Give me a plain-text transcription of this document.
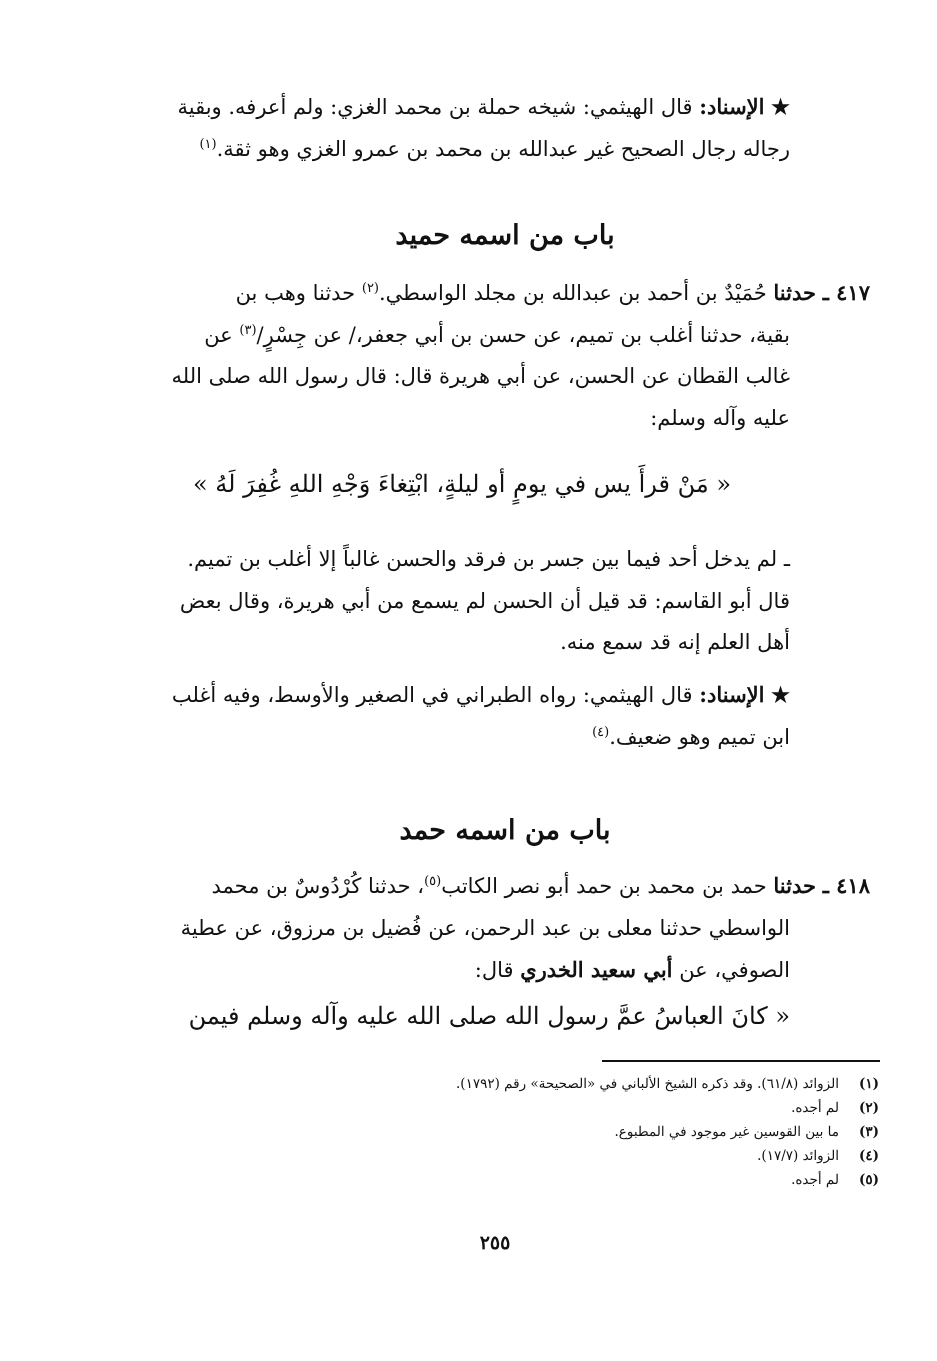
★ الإسناد: قال الهيثمي: شيخه حملة بن محمد الغزي: ولم أعرفه. وبقية
رجاله رجال الصحيح غير عبدالله بن محمد بن عمرو الغزي وهو ثقة.$^{(١)}$
باب من اسمه حميد
٤١٧ ـ حدثنا حُمَيْدٌ بن أحمد بن عبدالله بن مجلد الواسطي.$^{(٢)}$ حدثنا وهب بن
بقية، حدثنا أغلب بن تميم، عن حسن بن أبي جعفر،/ عن جِسْرٍ/$^{(٣)}$ عن
غالب القطان عن الحسن، عن أبي هريرة قال: قال رسول الله صلى الله
عليه وآله وسلم:
« مَنْ قرأَ يس في يومٍ أو ليلةٍ، ابْتِغاءَ وَجْهِ اللهِ غُفِرَ لَهُ »
ـ لم يدخل أحد فيما بين جسر بن فرقد والحسن غالباً إلا أغلب بن تميم.
قال أبو القاسم: قد قيل أن الحسن لم يسمع من أبي هريرة، وقال بعض
أهل العلم إنه قد سمع منه.
★ الإسناد: قال الهيثمي: رواه الطبراني في الصغير والأوسط، وفيه أغلب
ابن تميم وهو ضعيف.$^{(٤)}$
باب من اسمه حمد
٤١٨ ـ حدثنا حمد بن محمد بن حمد أبو نصر الكاتب$^{(٥)}$، حدثنا كُرْدُوسٌ بن محمد
الواسطي حدثنا معلى بن عبد الرحمن، عن فُضيل بن مرزوق، عن عطية
الصوفي، عن أبي سعيد الخدري قال:
« كانَ العباسُ عمَّ رسول الله صلى الله عليه وآله وسلم فيمن
(١)الزوائد (٦١/٨). وقد ذكره الشيخ الألباني في «الصحيحة» رقم (١٧٩٢).
(٢)لم أجده.
(٣)ما بين القوسين غير موجود في المطبوع.
(٤)الزوائد (١٧/٧).
(٥)لم أجده.
٢٥٥
